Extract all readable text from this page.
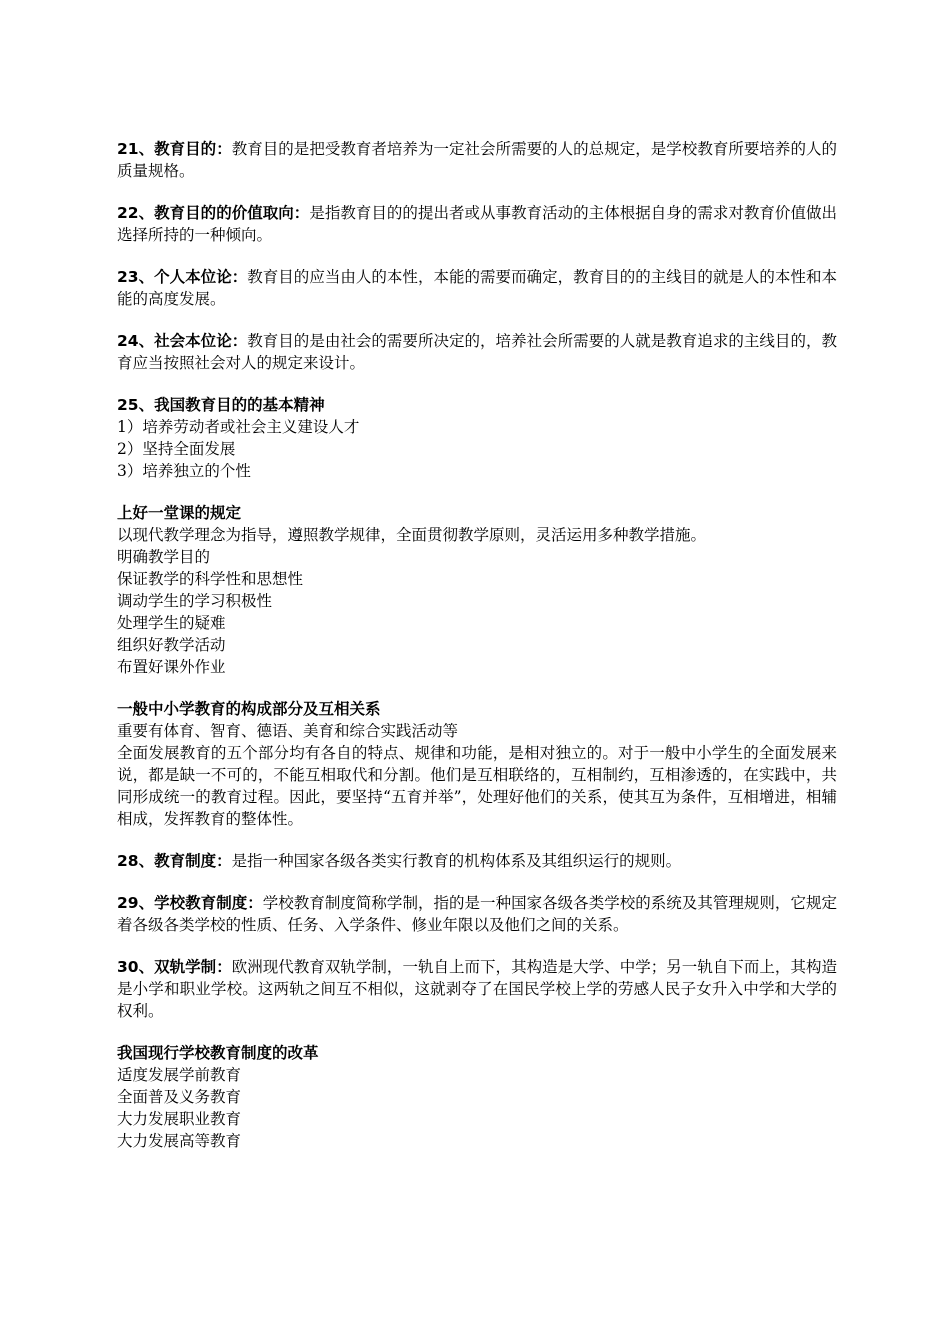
21、教育目的：教育目的是把受教育者培养为一定社会所需要的人的总规定，是学校教育所要培养的人的质量规格。

22、教育目的的价值取向：是指教育目的的提出者或从事教育活动的主体根据自身的需求对教育价值做出选择所持的一种倾向。

23、个人本位论：教育目的应当由人的本性，本能的需要而确定，教育目的的主线目的就是人的本性和本能的高度发展。

24、社会本位论：教育目的是由社会的需要所决定的，培养社会所需要的人就是教育追求的主线目的，教育应当按照社会对人的规定来设计。

25、我国教育目的的基本精神

1）培养劳动者或社会主义建设人才

2）坚持全面发展

3）培养独立的个性

上好一堂课的规定

以现代教学理念为指导，遵照教学规律，全面贯彻教学原则，灵活运用多种教学措施。

明确教学目的

保证教学的科学性和思想性

调动学生的学习积极性

处理学生的疑难

组织好教学活动

布置好课外作业

一般中小学教育的构成部分及互相关系

重要有体育、智育、德语、美育和综合实践活动等

全面发展教育的五个部分均有各自的特点、规律和功能，是相对独立的。对于一般中小学生的全面发展来说，都是缺一不可的，不能互相取代和分割。他们是互相联络的，互相制约，互相渗透的，在实践中，共同形成统一的教育过程。因此，要坚持“五育并举”，处理好他们的关系，使其互为条件，互相增进，相辅相成，发挥教育的整体性。

28、教育制度：是指一种国家各级各类实行教育的机构体系及其组织运行的规则。

29、学校教育制度：学校教育制度简称学制，指的是一种国家各级各类学校的系统及其管理规则，它规定着各级各类学校的性质、任务、入学条件、修业年限以及他们之间的关系。

30、双轨学制：欧洲现代教育双轨学制，一轨自上而下，其构造是大学、中学；另一轨自下而上，其构造是小学和职业学校。这两轨之间互不相似，这就剥夺了在国民学校上学的劳感人民子女升入中学和大学的权利。

我国现行学校教育制度的改革

适度发展学前教育

全面普及义务教育

大力发展职业教育

大力发展高等教育
